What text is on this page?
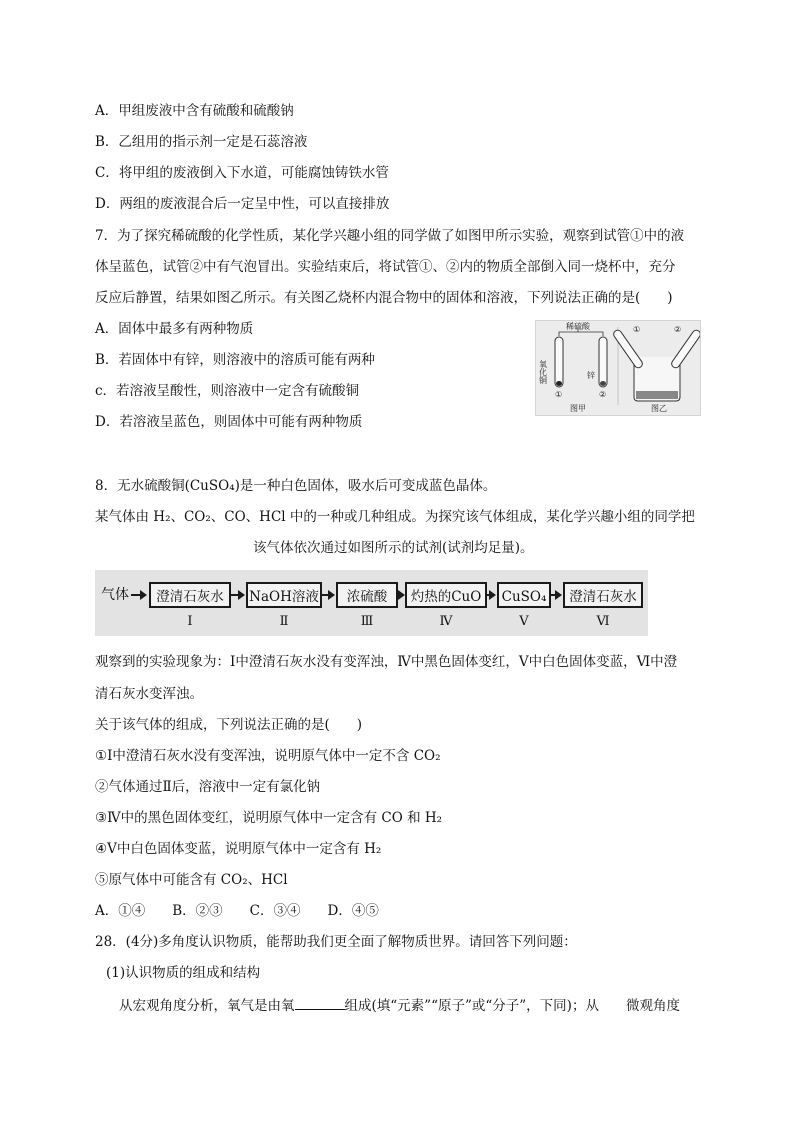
A．甲组废液中含有硫酸和硫酸钠
B．乙组用的指示剂一定是石蕊溶液
C．将甲组的废液倒入下水道，可能腐蚀铸铁水管
D．两组的废液混合后一定呈中性，可以直接排放
7．为了探究稀硫酸的化学性质，某化学兴趣小组的同学做了如图甲所示实验，观察到试管①中的液
体呈蓝色，试管②中有气泡冒出。实验结束后，将试管①、②内的物质全部倒入同一烧杯中，充分
反应后静置，结果如图乙所示。有关图乙烧杯内混合物中的固体和溶液，下列说法正确的是(　　)
A．固体中最多有两种物质
B．若固体中有锌，则溶液中的溶质可能有两种
c．若溶液呈酸性，则溶液中一定含有硫酸铜
D．若溶液呈蓝色，则固体中可能有两种物质
稀硫酸
氧化铜
锌
①	②
①	②
图甲	图乙
8．无水硫酸铜(CuSO₄)是一种白色固体，吸水后可变成蓝色晶体。
某气体由 H₂、CO₂、CO、HCl 中的一种或几种组成。为探究该气体组成，某化学兴趣小组的同学把
该气体依次通过如图所示的试剂(试剂均足量)。
气体	澄清石灰水	NaOH溶液	浓硫酸	灼热的CuO	CuSO₄	澄清石灰水
Ⅰ	Ⅱ	Ⅲ	Ⅳ	Ⅴ	Ⅵ
观察到的实验现象为：Ⅰ中澄清石灰水没有变浑浊，Ⅳ中黑色固体变红，Ⅴ中白色固体变蓝，Ⅵ中澄
清石灰水变浑浊。
关于该气体的组成，下列说法正确的是(　　)
①Ⅰ中澄清石灰水没有变浑浊，说明原气体中一定不含 CO₂
②气体通过Ⅱ后，溶液中一定有氯化钠
③Ⅳ中的黑色固体变红，说明原气体中一定含有 CO 和 H₂
④Ⅴ中白色固体变蓝，说明原气体中一定含有 H₂
⑤原气体中可能含有 CO₂、HCl
A．①④　　B．②③　　C．③④　　D．④⑤
28．(4分)多角度认识物质，能帮助我们更全面了解物质世界。请回答下列问题：
(1)认识物质的组成和结构
从宏观角度分析，氧气是由氧	组成(填“元素”“原子”或“分子”，下同)；从　　微观角度
